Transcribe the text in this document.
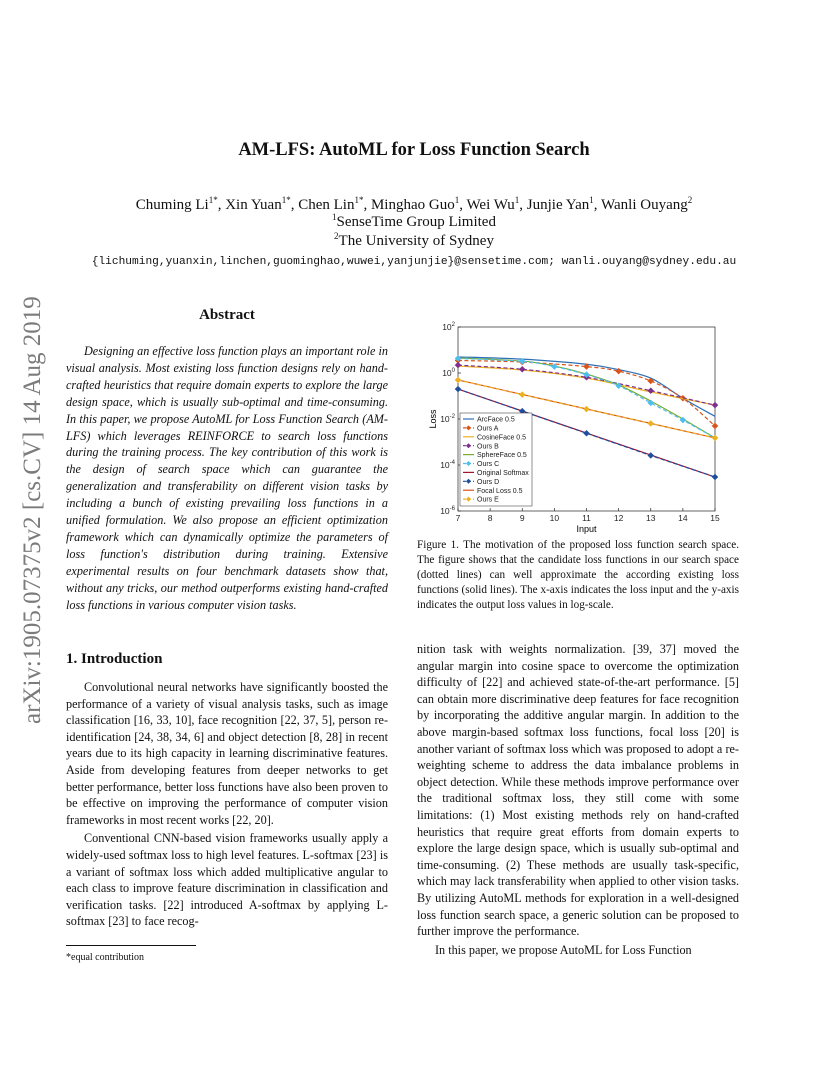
AM-LFS: AutoML for Loss Function Search
Chuming $Li^{1*}$, Xin Yuan$^{1*}$, Chen Lin$^{1*}$, Minghao Guo$^1$, Wei Wu$^1$, Junjie Yan$^1$, Wanli Ouyang$^2$
$^1$SenseTime Group Limited
$^2$The University of Sydney
{lichuming,yuanxin,linchen,guominghao,wuwei,yanjunjie}@sensetime.com; wanli.ouyang@sydney.edu.au
arXiv:1905.07375v2 [cs.CV] 14 Aug 2019	Abstract

Designing an effective loss function plays an important role in visual analysis. Most existing loss function designs rely on hand-crafted heuristics that require domain experts to explore the large design space, which is usually sub-optimal and time-consuming. In this paper, we propose AutoML for Loss Function Search (AM-LFS) which leverages REINFORCE to search loss functions during the training process. The key contribution of this work is the design of search space which can guarantee the generalization and transferability on different vision tasks by including a bunch of existing prevailing loss functions in a unified formulation. We also propose an efficient optimization framework which can dynamically optimize the parameters of loss function's distribution during training. Extensive experimental results on four benchmark datasets show that, without any tricks, our method outperforms existing hand-crafted loss functions in various computer vision tasks.

1. Introduction

Convolutional neural networks have significantly boosted the performance of a variety of visual analysis tasks, such as image classification [16, 33, 10], face recognition [22, 37, 5], person re-identification [24, 38, 34, 6] and object detection [8, 28] in recent years due to its high capacity in learning discriminative features. Aside from developing features from deeper networks to get better performance, better loss functions have also been proven to be effective on improving the performance of computer vision frameworks in most recent works [22, 20].

Conventional CNN-based vision frameworks usually apply a widely-used softmax loss to high level features. L-softmax [23] is a variant of softmax loss which added multiplicative angular to each class to improve feature discrimination in classification and verification tasks. [22] introduced A-softmax by applying L-softmax [23] to face recog-

*equal contribution
7	8	9	10	11	12	13	14	15
$10^{-6}$
$10^{-4}$
$10^{-2}$
$10^0$
$10^2$
ArcFace 0.5
Ours A
CosineFace 0.5
Ours B
SphereFace 0.5
Ours C
Original Softmax
Ours D
Focal Loss 0.5
Ours E
Input
Loss
Figure 1. The motivation of the proposed loss function search space. The figure shows that the candidate loss functions in our search space (dotted lines) can well approximate the according existing loss functions (solid lines). The x-axis indicates the loss input and the y-axis indicates the output loss values in log-scale.

nition task with weights normalization. [39, 37] moved the angular margin into cosine space to overcome the optimization difficulty of [22] and achieved state-of-the-art performance. [5] can obtain more discriminative deep features for face recognition by incorporating the additive angular margin. In addition to the above margin-based softmax loss functions, focal loss [20] is another variant of softmax loss which was proposed to adopt a re-weighting scheme to address the data imbalance problems in object detection. While these methods improve performance over the traditional softmax loss, they still come with some limitations: (1) Most existing methods rely on hand-crafted heuristics that require great efforts from domain experts to explore the large design space, which is usually sub-optimal and time-consuming. (2) These methods are usually task-specific, which may lack transferability when applied to other vision tasks. By utilizing AutoML methods for exploration in a well-designed loss function search space, a generic solution can be proposed to further improve the performance.

In this paper, we propose AutoML for Loss Function
